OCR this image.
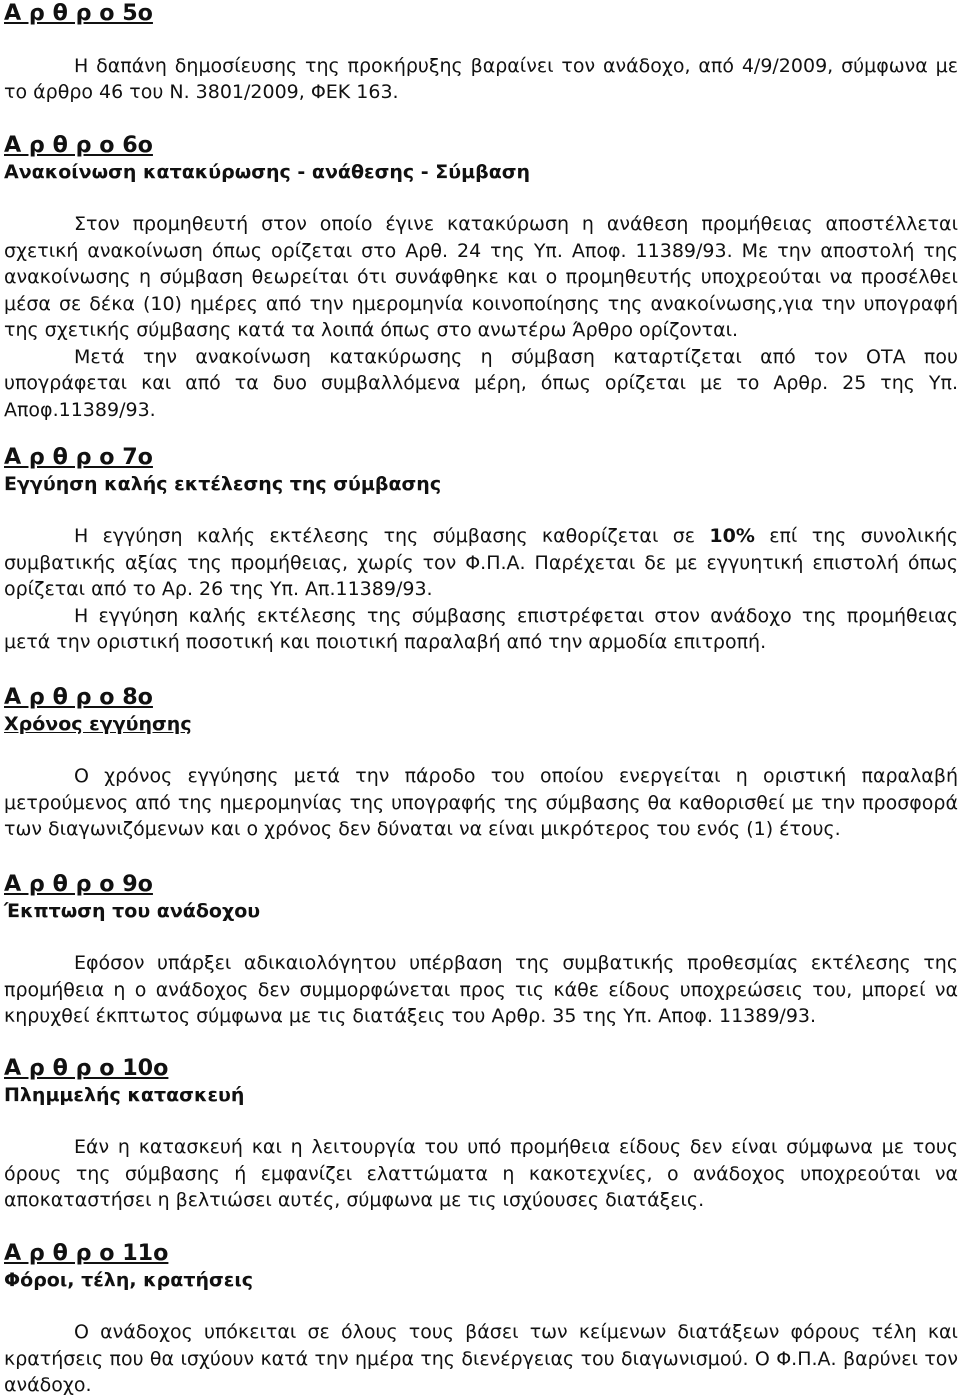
Α ρ θ ρ ο 5ο

Η δαπάνη δημοσίευσης της προκήρυξης βαραίνει τον ανάδοχο, από 4/9/2009, σύμφωνα με το άρθρο 46 του Ν. 3801/2009, ΦΕΚ 163.

Α ρ θ ρ ο 6ο
Ανακοίνωση κατακύρωσης - ανάθεσης - Σύμβαση

Στον προμηθευτή στον οποίο έγινε κατακύρωση η ανάθεση προμήθειας αποστέλλεται σχετική ανακοίνωση όπως ορίζεται στο Αρθ. 24 της Υπ. Αποφ. 11389/93. Με την αποστολή της ανακοίνωσης η σύμβαση θεωρείται ότι συνάφθηκε και ο προμηθευτής υποχρεούται να προσέλθει μέσα σε δέκα (10) ημέρες από την ημερομηνία κοινοποίησης της ανακοίνωσης,για την υπογραφή της σχετικής σύμβασης κατά τα λοιπά όπως στο ανωτέρω Άρθρο ορίζονται.

Μετά την ανακοίνωση κατακύρωσης η σύμβαση καταρτίζεται από τον ΟΤΑ που υπογράφεται και από τα δυο συμβαλλόμενα μέρη, όπως ορίζεται με το Αρθρ. 25 της Υπ. Αποφ.11389/93.

Α ρ θ ρ ο 7ο
Εγγύηση καλής εκτέλεσης της σύμβασης

Η εγγύηση καλής εκτέλεσης της σύμβασης καθορίζεται σε 10% επί της συνολικής συμβατικής αξίας της προμήθειας, χωρίς τον Φ.Π.Α. Παρέχεται δε με εγγυητική επιστολή όπως ορίζεται από το Αρ. 26 της Υπ. Απ.11389/93.

Η εγγύηση καλής εκτέλεσης της σύμβασης επιστρέφεται στον ανάδοχο της προμήθειας μετά την οριστική ποσοτική και ποιοτική παραλαβή από την αρμοδία επιτροπή.

Α ρ θ ρ ο 8ο
Χρόνος εγγύησης

Ο χρόνος εγγύησης μετά την πάροδο του οποίου ενεργείται η οριστική παραλαβή μετρούμενος από της ημερομηνίας της υπογραφής της σύμβασης θα καθορισθεί με την προσφορά των διαγωνιζόμενων και ο χρόνος δεν δύναται να είναι μικρότερος του ενός (1) έτους.

Α ρ θ ρ ο 9ο
Έκπτωση του ανάδοχου

Εφόσον υπάρξει αδικαιολόγητου υπέρβαση της συμβατικής προθεσμίας εκτέλεσης της προμήθεια η ο ανάδοχος δεν συμμορφώνεται προς τις κάθε είδους υποχρεώσεις του, μπορεί να κηρυχθεί έκπτωτος σύμφωνα με τις διατάξεις του Αρθρ. 35 της Υπ. Αποφ. 11389/93.

Α ρ θ ρ ο 10ο
Πλημμελής κατασκευή

Εάν η κατασκευή και η λειτουργία του υπό προμήθεια είδους δεν είναι σύμφωνα με τους όρους της σύμβασης ή εμφανίζει ελαττώματα η κακοτεχνίες, ο ανάδοχος υποχρεούται να αποκαταστήσει η βελτιώσει αυτές, σύμφωνα με τις ισχύουσες διατάξεις.

Α ρ θ ρ ο 11ο
Φόροι, τέλη, κρατήσεις

Ο ανάδοχος υπόκειται σε όλους τους βάσει των κείμενων διατάξεων φόρους τέλη και κρατήσεις που θα ισχύουν κατά την ημέρα της διενέργειας του διαγωνισμού. Ο Φ.Π.Α. βαρύνει τον ανάδοχο.
